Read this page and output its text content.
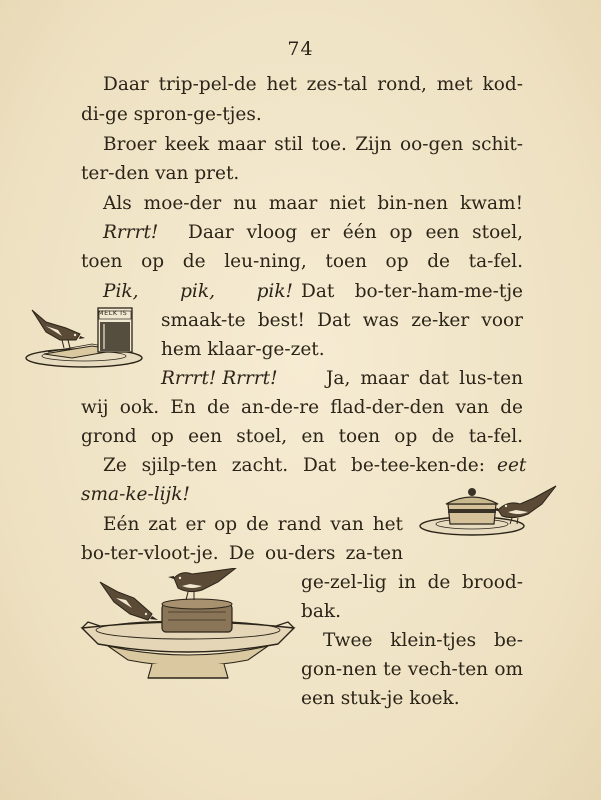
74
Daar trip-pel-de het zes-tal rond, met kod-
di-ge spron-ge-tjes.
Broer keek maar stil toe. Zijn oo-gen schit-
ter-den van pret.
Als moe-der nu maar niet bin-nen kwam!
Rrrrt! Daar vloog er één op een stoel,
toen op de leu-ning, toen op de ta-fel.
Pik, pik, pik! Dat bo-ter-ham-me-tje
smaak-te best! Dat was ze-ker voor
hem klaar-ge-zet.
Rrrrt! Rrrrt!	Ja, maar dat lus-ten
wij ook. En de an-de-re flad-der-den van de
grond op een stoel, en toen op de ta-fel.
Ze sjilp-ten zacht. Dat be-tee-ken-de: eet
sma-ke-lijk!
Eén zat er op de rand van het
bo-ter-vloot-je. De ou-ders za-ten
ge-zel-lig in de brood-
bak.
Twee klein-tjes be-
gon-nen te vech-ten om
een stuk-je koek.
MELK IS
